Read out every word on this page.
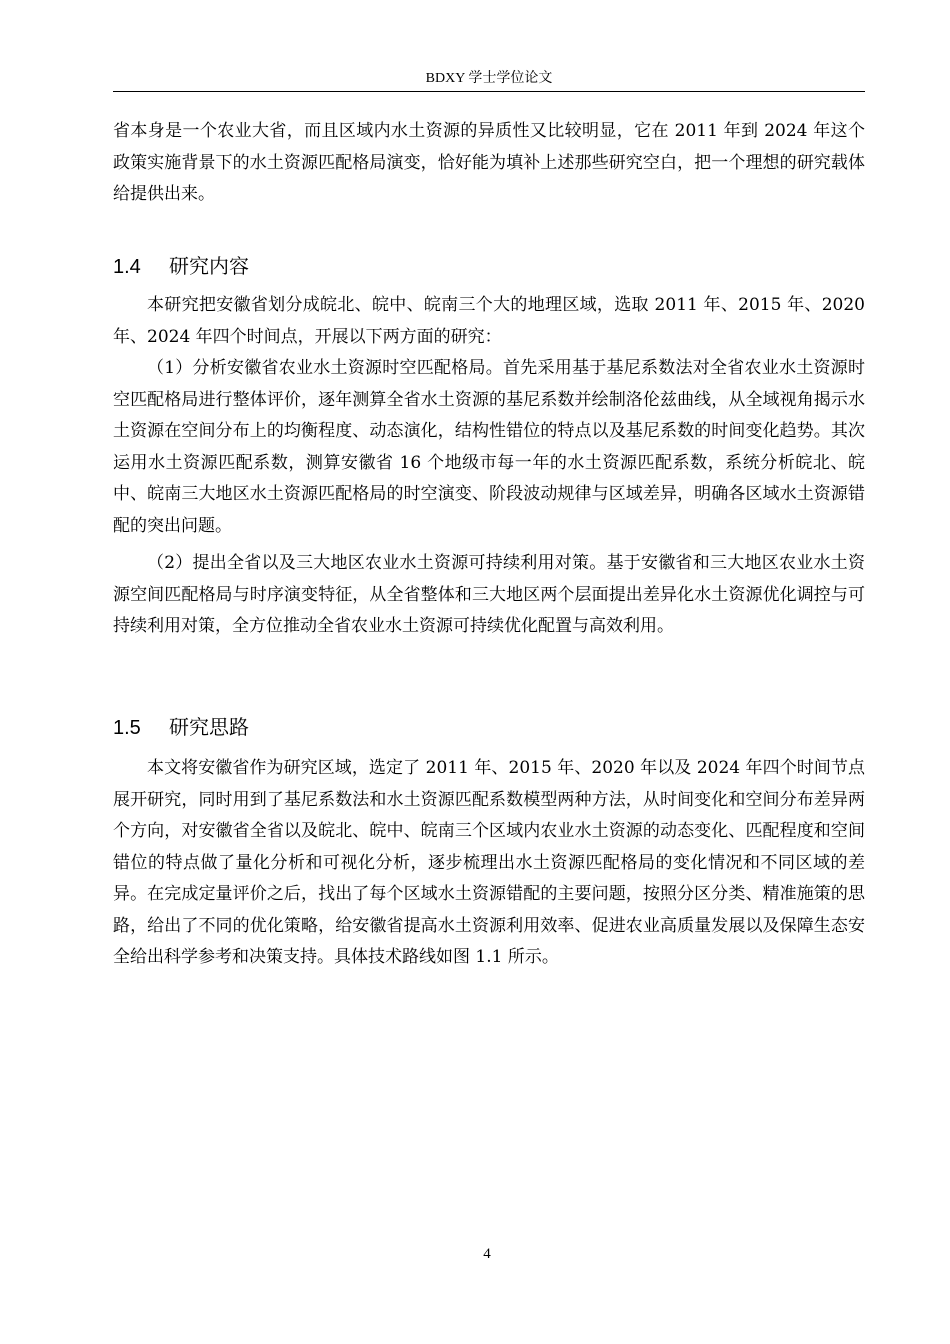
BDXY 学士学位论文

省本身是一个农业大省，而且区域内水土资源的异质性又比较明显，它在 2011 年到 2024 年这个政策实施背景下的水土资源匹配格局演变，恰好能为填补上述那些研究空白，把一个理想的研究载体给提供出来。

1.4 研究内容

本研究把安徽省划分成皖北、皖中、皖南三个大的地理区域，选取 2011 年、2015 年、2020 年、2024 年四个时间点，开展以下两方面的研究：

（1）分析安徽省农业水土资源时空匹配格局。首先采用基于基尼系数法对全省农业水土资源时空匹配格局进行整体评价，逐年测算全省水土资源的基尼系数并绘制洛伦兹曲线，从全域视角揭示水土资源在空间分布上的均衡程度、动态演化，结构性错位的特点以及基尼系数的时间变化趋势。其次运用水土资源匹配系数，测算安徽省 16 个地级市每一年的水土资源匹配系数，系统分析皖北、皖中、皖南三大地区水土资源匹配格局的时空演变、阶段波动规律与区域差异，明确各区域水土资源错配的突出问题。

（2）提出全省以及三大地区农业水土资源可持续利用对策。基于安徽省和三大地区农业水土资源空间匹配格局与时序演变特征，从全省整体和三大地区两个层面提出差异化水土资源优化调控与可持续利用对策，全方位推动全省农业水土资源可持续优化配置与高效利用。

1.5 研究思路

本文将安徽省作为研究区域，选定了 2011 年、2015 年、2020 年以及 2024 年四个时间节点展开研究，同时用到了基尼系数法和水土资源匹配系数模型两种方法，从时间变化和空间分布差异两个方向，对安徽省全省以及皖北、皖中、皖南三个区域内农业水土资源的动态变化、匹配程度和空间错位的特点做了量化分析和可视化分析，逐步梳理出水土资源匹配格局的变化情况和不同区域的差异。在完成定量评价之后，找出了每个区域水土资源错配的主要问题，按照分区分类、精准施策的思路，给出了不同的优化策略，给安徽省提高水土资源利用效率、促进农业高质量发展以及保障生态安全给出科学参考和决策支持。具体技术路线如图 1.1 所示。

4
